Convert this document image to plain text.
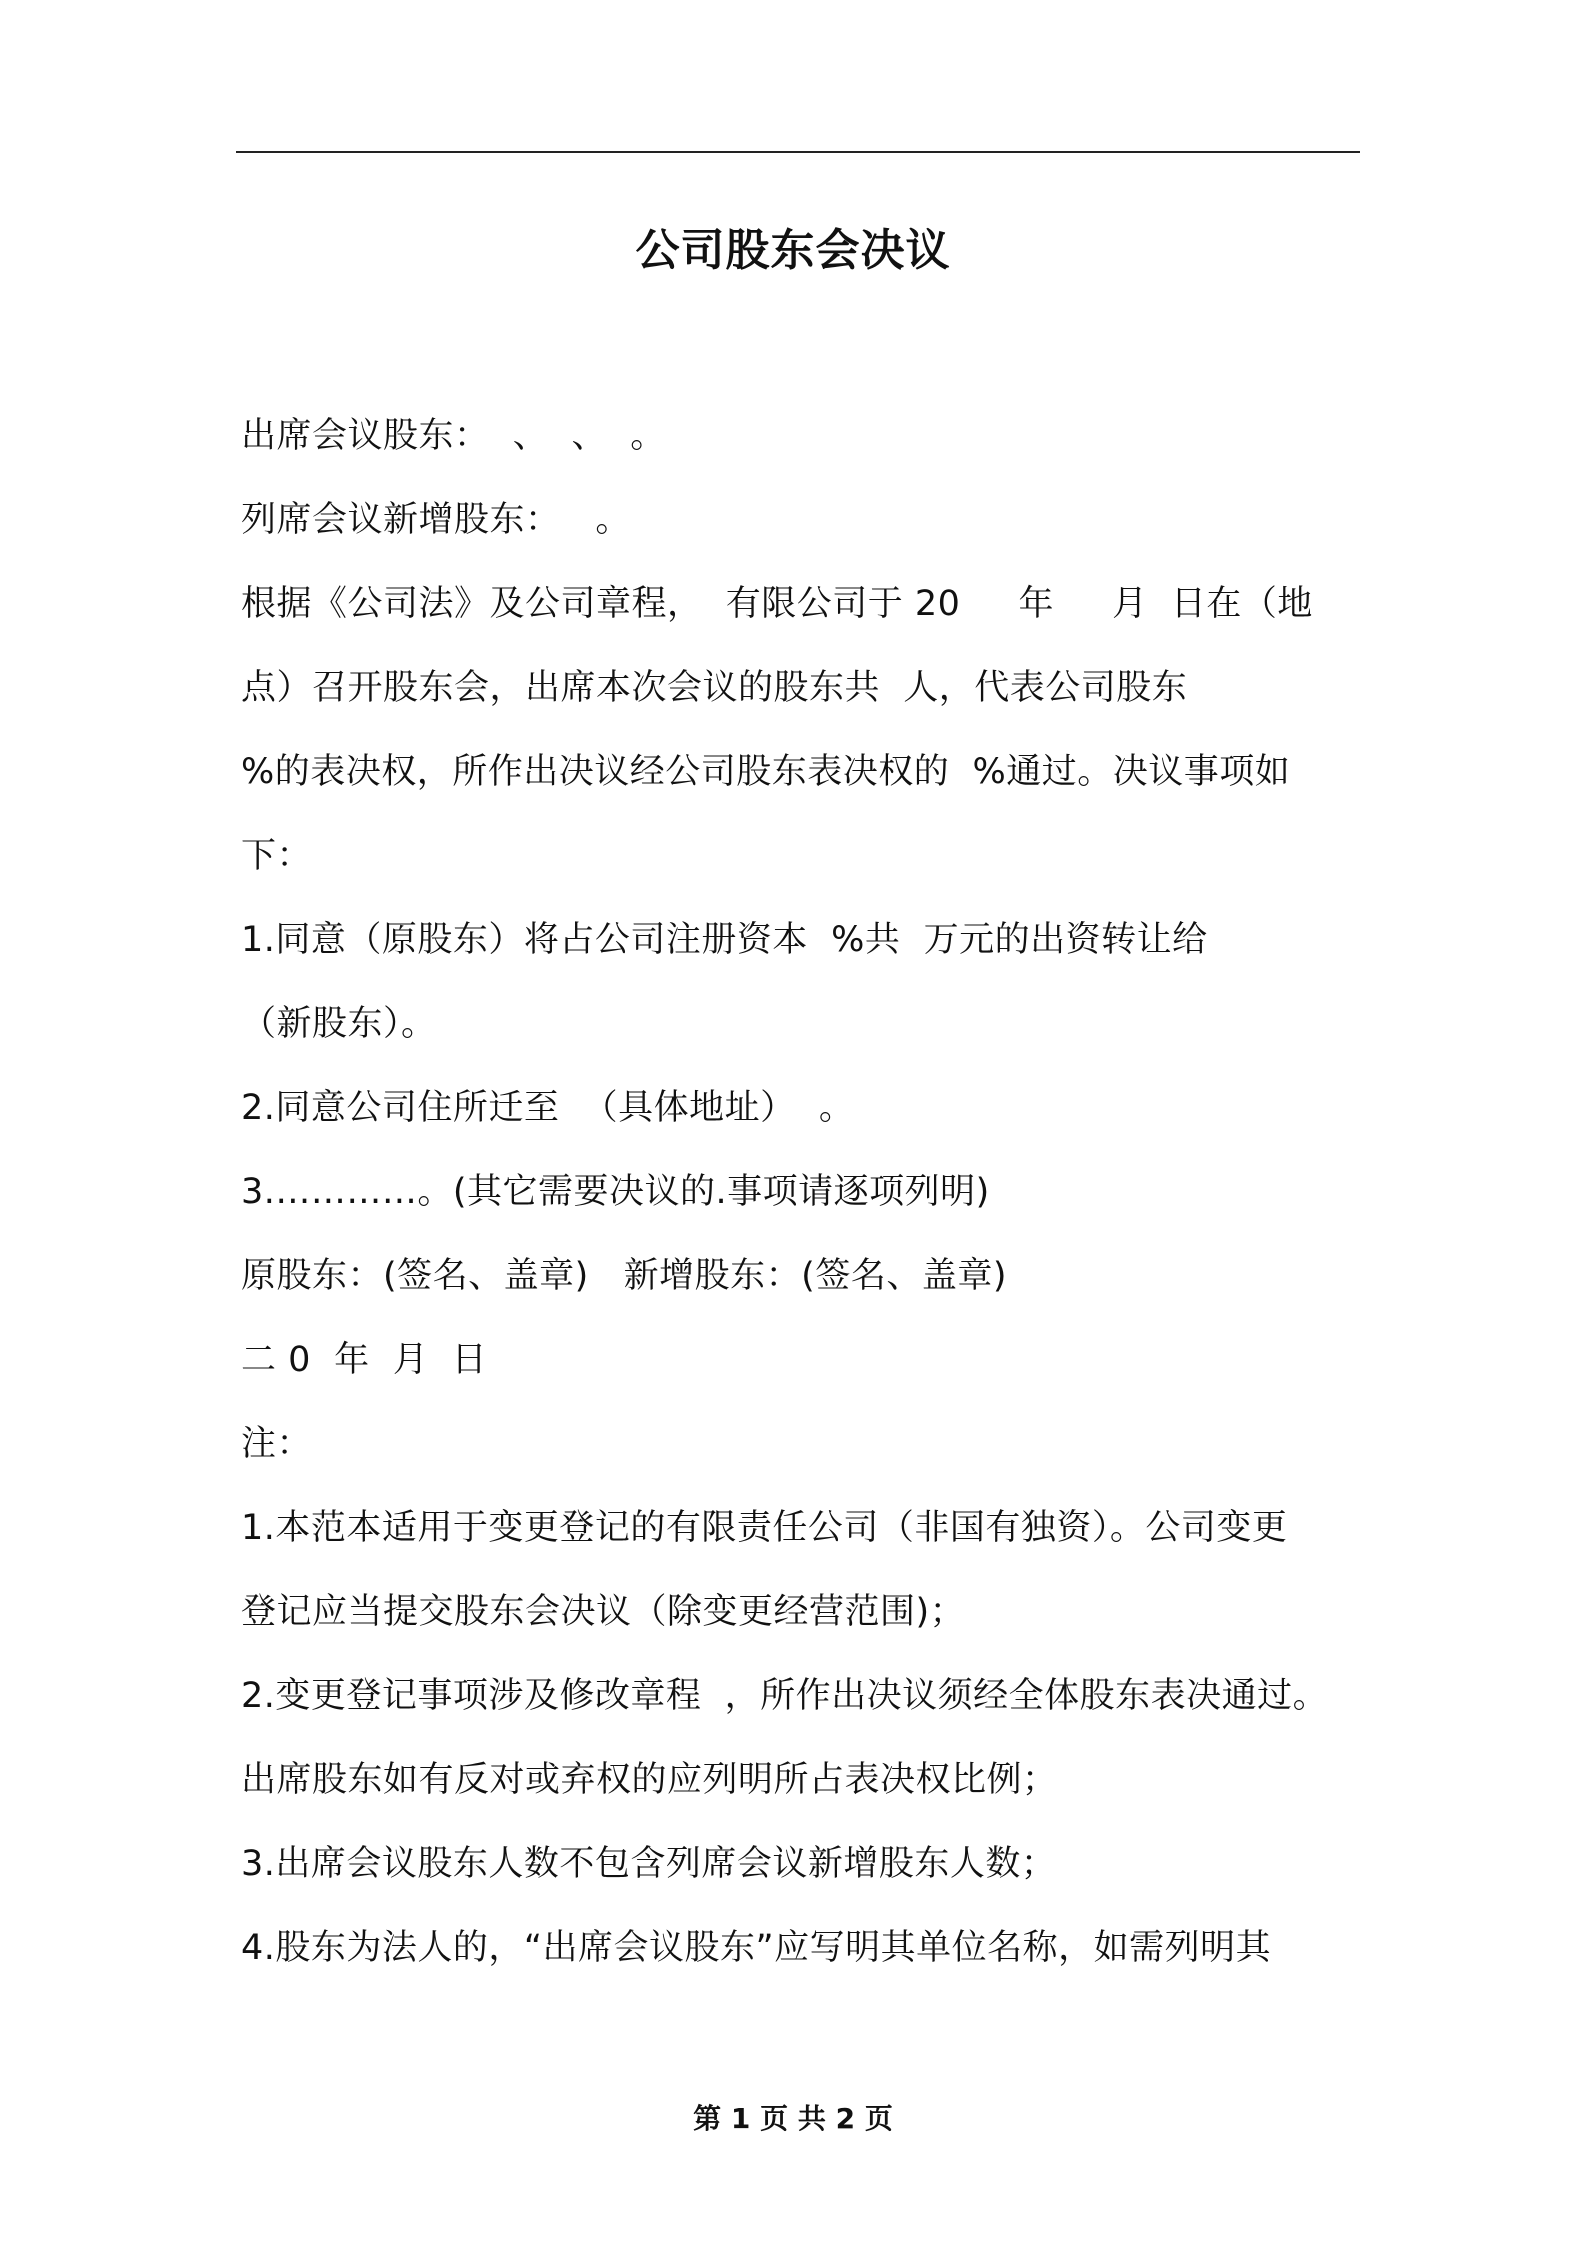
公司股东会决议
出席会议股东：  、  、  。
列席会议新增股东：   。
根据《公司法》及公司章程，  有限公司于 20     年     月  日在（地
点）召开股东会，出席本次会议的股东共  人，代表公司股东
%的表决权，所作出决议经公司股东表决权的  %通过。决议事项如
下：
1.同意（原股东）将占公司注册资本  %共  万元的出资转让给
（新股东）。
2.同意公司住所迁至  （具体地址）  。
3.…………。(其它需要决议的.事项请逐项列明)
原股东：(签名、盖章)   新增股东：(签名、盖章)
二 0  年  月  日
注：
1.本范本适用于变更登记的有限责任公司（非国有独资）。公司变更
登记应当提交股东会决议（除变更经营范围)；
2.变更登记事项涉及修改章程  ，所作出决议须经全体股东表决通过。
出席股东如有反对或弃权的应列明所占表决权比例；
3.出席会议股东人数不包含列席会议新增股东人数；
4.股东为法人的，“出席会议股东”应写明其单位名称，如需列明其
第 1 页 共 2 页
